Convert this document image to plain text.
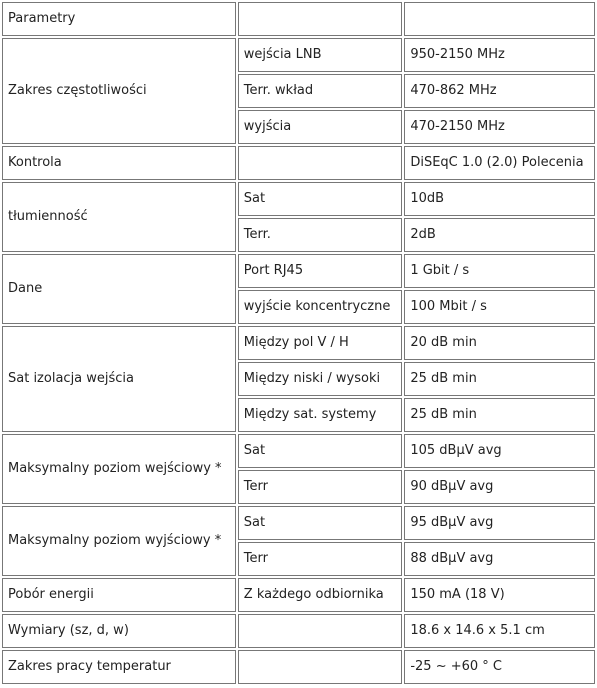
Parametry		
Zakres częstotliwości	wejścia LNB	950-2150 MHz
	Terr. wkład	470-862 MHz
	wyjścia	470-2150 MHz
Kontrola		DiSEqC 1.0 (2.0) Polecenia
tłumienność	Sat	10dB
	Terr.	2dB
Dane	Port RJ45	1 Gbit / s
	wyjście koncentryczne	100 Mbit / s
Sat izolacja wejścia	Między pol V / H	20 dB min
	Między niski / wysoki	25 dB min
	Między sat. systemy	25 dB min
Maksymalny poziom wejściowy *	Sat	105 dBµV avg
	Terr	90 dBµV avg
Maksymalny poziom wyjściowy *	Sat	95 dBµV avg
	Terr	88 dBµV avg
Pobór energii	Z każdego odbiornika	150 mA (18 V)
Wymiary (sz, d, w)		18.6 x 14.6 x 5.1 cm
Zakres pracy temperatur		-25 ~ +60 ° C
